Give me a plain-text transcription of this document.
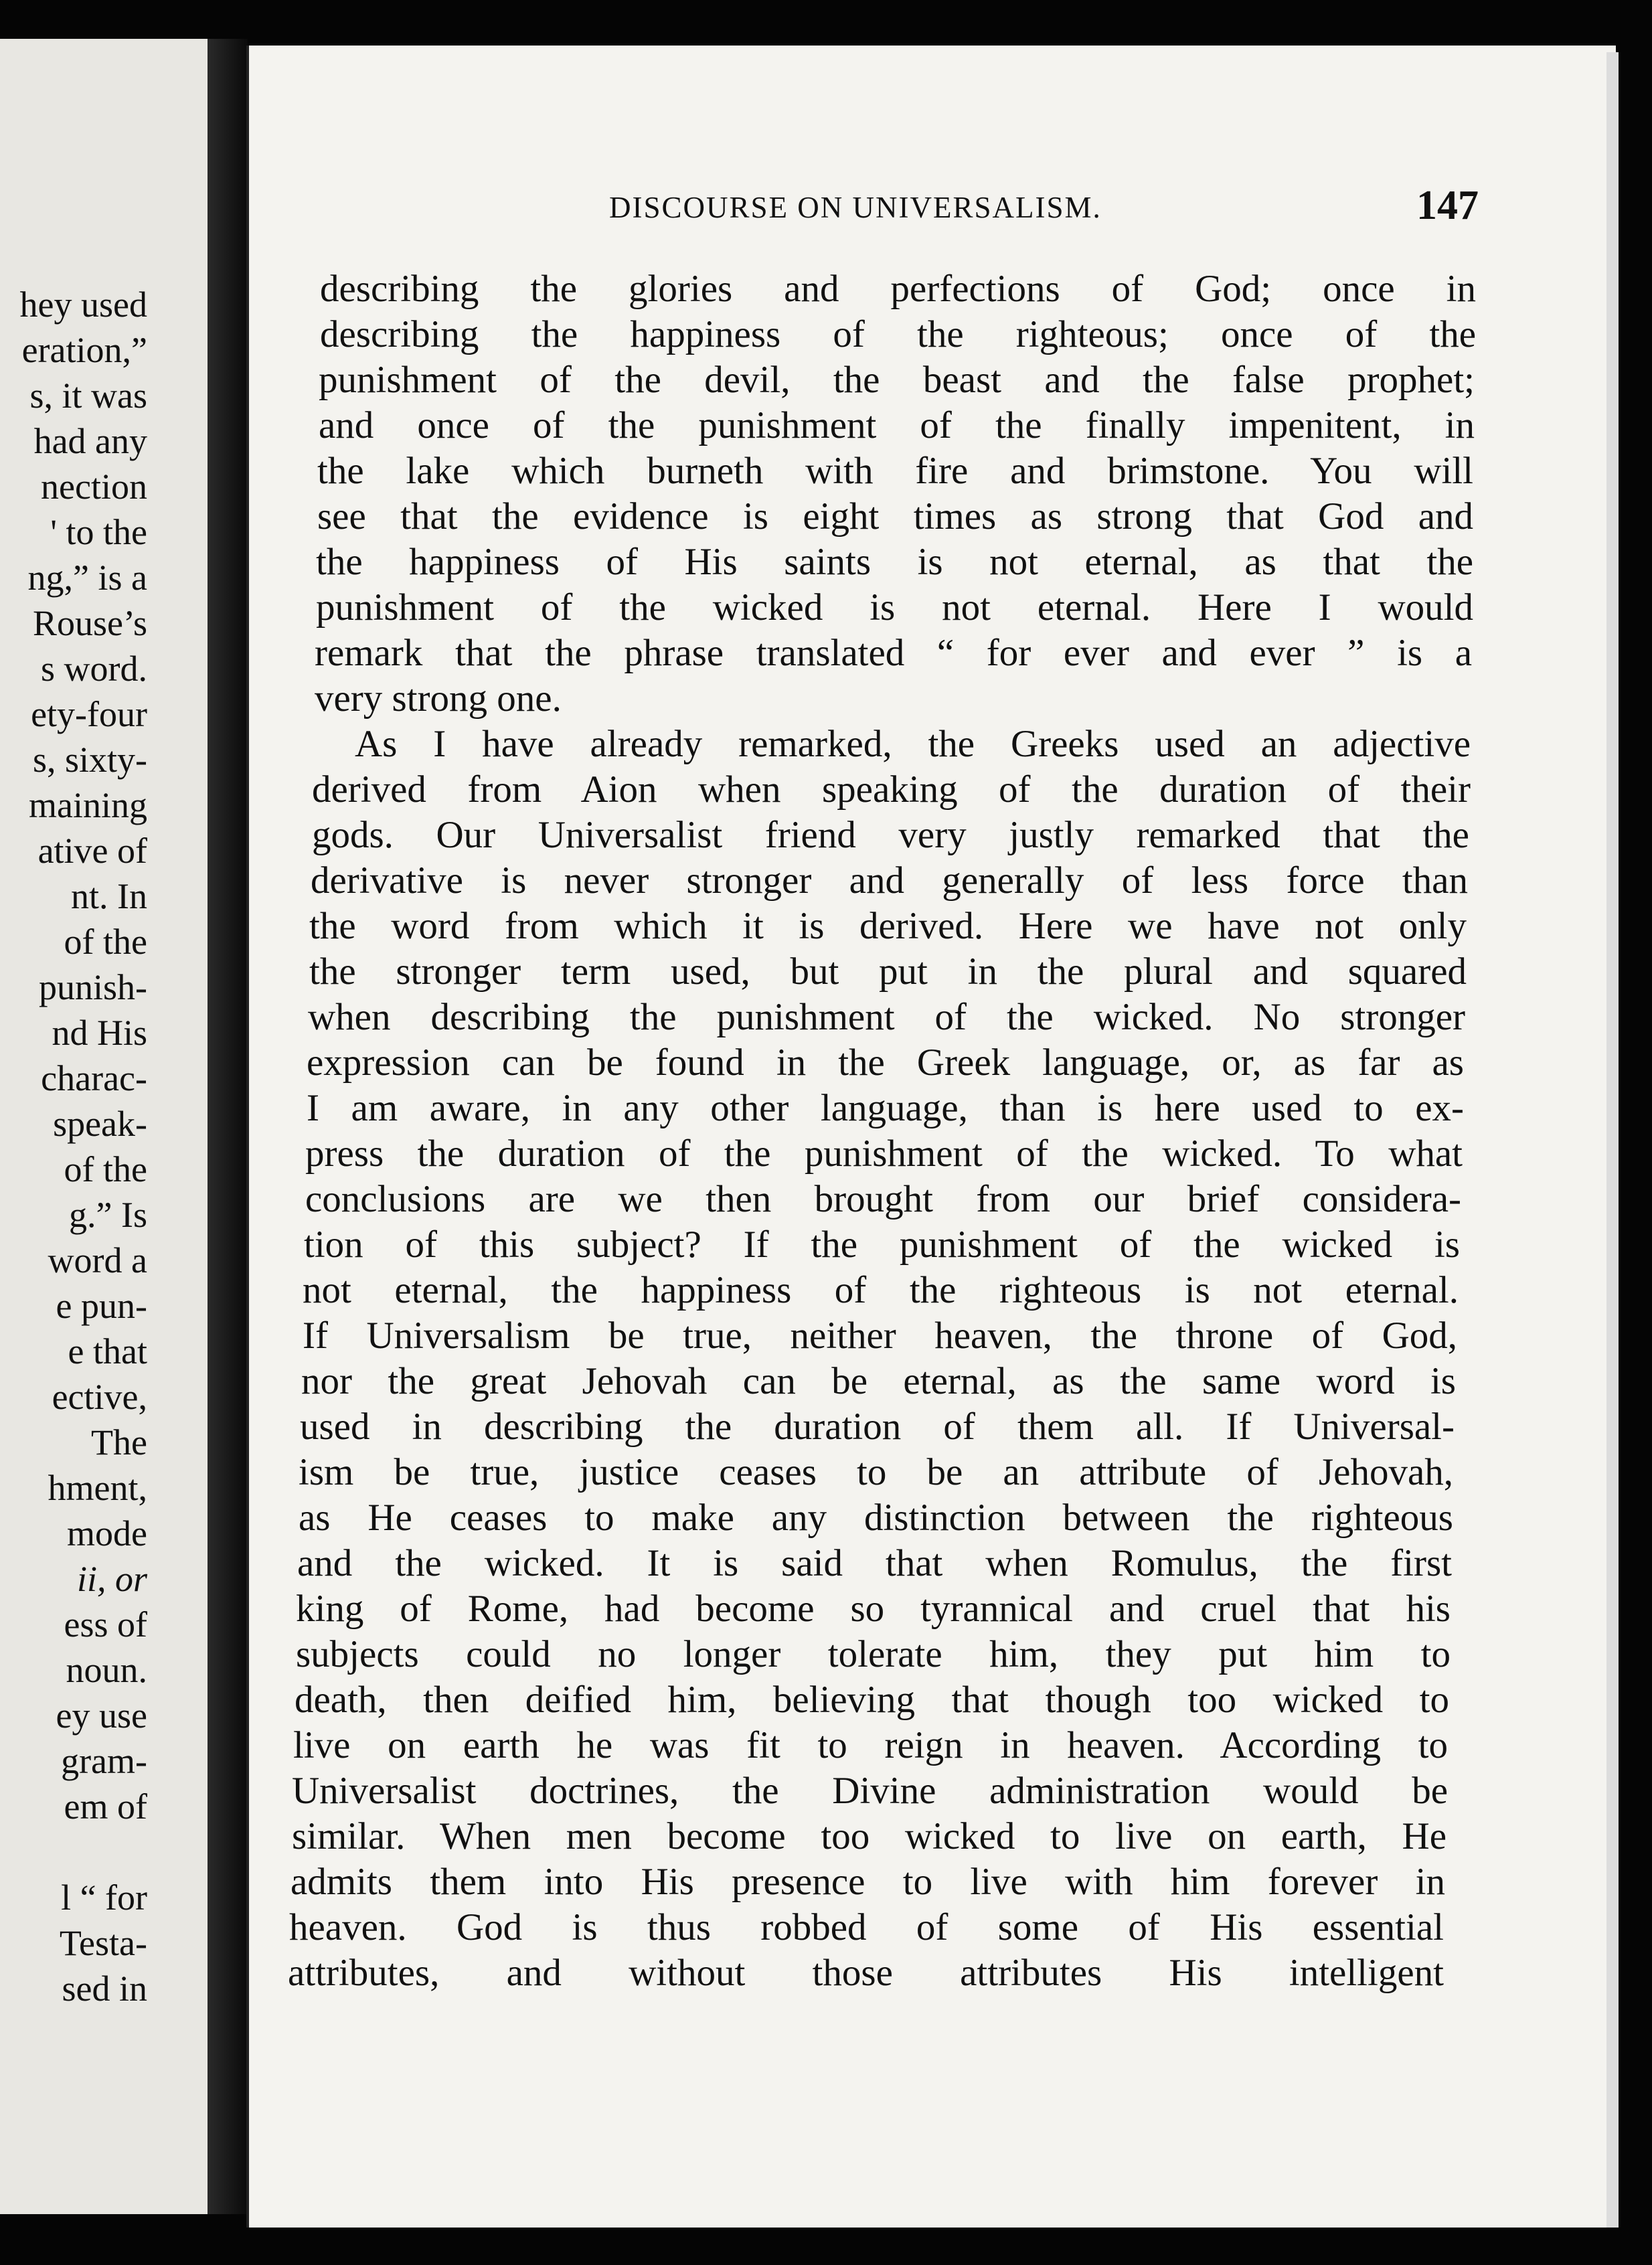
hey used
eration,”
s, it was
had any
nection
' to the
ng,” is a
Rouse’s
s word.
ety-four
s, sixty-
maining
ative of
nt. In
of the
punish-
nd His
charac-
speak-
of the
g.” Is
word a
e pun-
e that
ective,
The
hment,
mode
ii, or
ess of
noun.
ey use
gram-
em of
l “ for
Testa-
sed in
DISCOURSE ON UNIVERSALISM.	147
describing the glories and perfections of God; once in
describing the happiness of the righteous; once of the
punishment of the devil, the beast and the false prophet;
and once of the punishment of the finally impenitent, in
the lake which burneth with fire and brimstone. You will
see that the evidence is eight times as strong that God and
the happiness of His saints is not eternal, as that the
punishment of the wicked is not eternal. Here I would
remark that the phrase translated “ for ever and ever ” is a
very strong one.
As I have already remarked, the Greeks used an adjective
derived from Aion when speaking of the duration of their
gods. Our Universalist friend very justly remarked that the
derivative is never stronger and generally of less force than
the word from which it is derived. Here we have not only
the stronger term used, but put in the plural and squared
when describing the punishment of the wicked. No stronger
expression can be found in the Greek language, or, as far as
I am aware, in any other language, than is here used to ex-
press the duration of the punishment of the wicked. To what
conclusions are we then brought from our brief considera-
tion of this subject? If the punishment of the wicked is
not eternal, the happiness of the righteous is not eternal.
If Universalism be true, neither heaven, the throne of God,
nor the great Jehovah can be eternal, as the same word is
used in describing the duration of them all. If Universal-
ism be true, justice ceases to be an attribute of Jehovah,
as He ceases to make any distinction between the righteous
and the wicked. It is said that when Romulus, the first
king of Rome, had become so tyrannical and cruel that his
subjects could no longer tolerate him, they put him to
death, then deified him, believing that though too wicked to
live on earth he was fit to reign in heaven. According to
Universalist doctrines, the Divine administration would be
similar. When men become too wicked to live on earth, He
admits them into His presence to live with him forever in
heaven. God is thus robbed of some of His essential
attributes, and without those attributes His intelligent
